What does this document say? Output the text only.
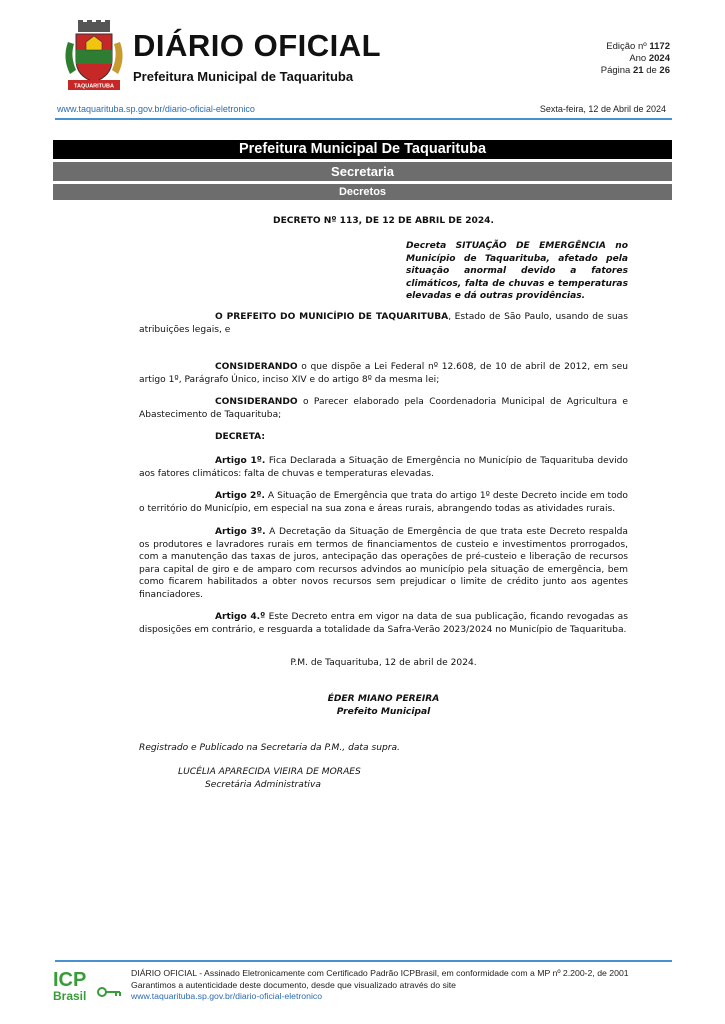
TAQUARITUBA
DIÁRIO OFICIAL
Prefeitura Municipal de Taquarituba
Edição nº 1172
Ano 2024
Página 21 de 26
www.taquarituba.sp.gov.br/diario-oficial-eletronico	Sexta-feira, 12 de Abril de 2024
Prefeitura Municipal De Taquarituba
Secretaria
Decretos
DECRETO Nº 113, DE 12 DE ABRIL DE 2024.
Decreta SITUAÇÃO DE EMERGÊNCIA no Município de Taquarituba, afetado pela situação anormal devido a fatores climáticos, falta de chuvas e temperaturas elevadas e dá outras providências.
O PREFEITO DO MUNICÍPIO DE TAQUARITUBA, Estado de São Paulo, usando de suas atribuições legais, e
CONSIDERANDO o que dispõe a Lei Federal nº 12.608, de 10 de abril de 2012, em seu artigo 1º, Parágrafo Único, inciso XIV e do artigo 8º da mesma lei;
CONSIDERANDO o Parecer elaborado pela Coordenadoria Municipal de Agricultura e Abastecimento de Taquarituba;
DECRETA:
Artigo 1º. Fica Declarada a Situação de Emergência no Município de Taquarituba devido aos fatores climáticos: falta de chuvas e temperaturas elevadas.
Artigo 2º. A Situação de Emergência que trata do artigo 1º deste Decreto incide em todo o território do Município, em especial na sua zona e áreas rurais, abrangendo todas as atividades rurais.
Artigo 3º. A Decretação da Situação de Emergência de que trata este Decreto respalda os produtores e lavradores rurais em termos de financiamentos de custeio e investimentos prorrogados, com a manutenção das taxas de juros, antecipação das operações de pré-custeio e liberação de recursos para capital de giro e de amparo com recursos advindos ao município pela situação de emergência, bem como ficarem habilitados a obter novos recursos sem prejudicar o limite de crédito junto aos agentes financiadores.
Artigo 4.º Este Decreto entra em vigor na data de sua publicação, ficando revogadas as disposições em contrário, e resguarda a totalidade da Safra-Verão 2023/2024 no Município de Taquarituba.
P.M. de Taquarituba, 12 de abril de 2024.
ÉDER MIANO PEREIRA
Prefeito Municipal
Registrado e Publicado na Secretaria da P.M., data supra.
LUCÉLIA APARECIDA VIEIRA DE MORAES
Secretária Administrativa
ICP
Brasil
DIÁRIO OFICIAL - Assinado Eletronicamente com Certificado Padrão ICPBrasil, em conformidade com a MP nº 2.200-2, de 2001
Garantimos a autenticidade deste documento, desde que visualizado através do site
www.taquarituba.sp.gov.br/diario-oficial-eletronico
